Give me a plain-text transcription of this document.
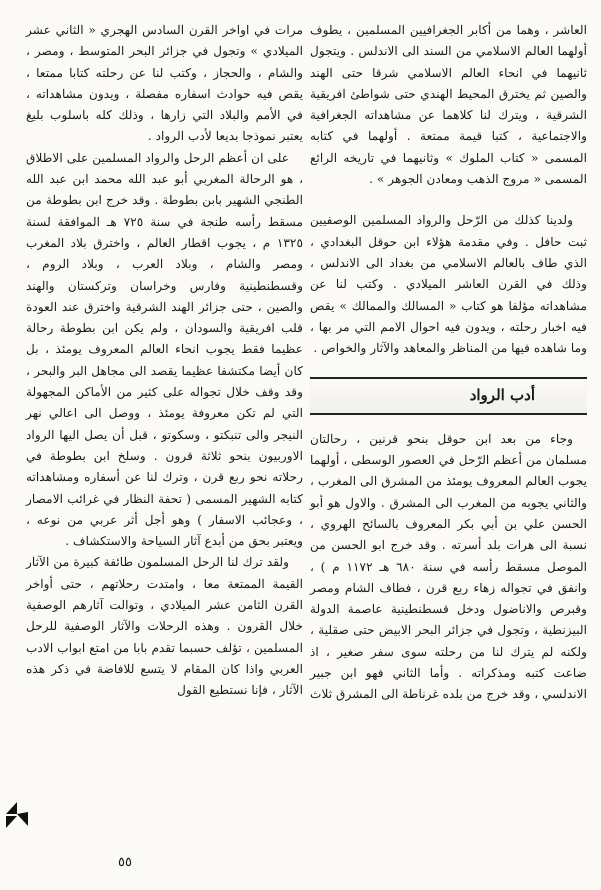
العاشر ، وهما من أكابر الجغرافيين المسلمين ، يطوف أولهما العالم الاسلامي من السند الى الاندلس . ويتجول ثانيهما في انحاء العالم الاسلامي شرقا حتى الهند والصين ثم يخترق المحيط الهندي حتى شواطئ افريقية الشرقية ، ويترك لنا كلاهما عن مشاهداته الجغرافية والاجتماعية ، كتبا قيمة ممتعة . أولهما في كتابه المسمى « كتاب الملوك » وثانيهما في تاريخه الرائع المسمى « مروج الذهب ومعادن الجوهر » .

ولدينا كذلك من الرّحل والرواد المسلمين الوصفيين ثبت حافل . وفي مقدمة هؤلاء ابن حوقل البغدادي ، الذي طاف بالعالم الاسلامي من بغداد الى الاندلس ، وذلك في القرن العاشر الميلادي . وكتب لنا عن مشاهداته مؤلفا هو كتاب « المسالك والممالك » يقص فيه اخبار رحلته ، ويدون فيه احوال الامم التي مر بها ، وما شاهده فيها من المناظر والمعاهد والآثار والخواص .

أدب الرواد

وجاء من بعد ابن حوقل بنحو قرنين ، رحالتان مسلمان من أعظم الرّحل في العصور الوسطى ، أولهما يجوب العالم المعروف يومئذ من المشرق الى المغرب ، والثاني يجوبه من المغرب الى المشرق . والاول هو أبو الحسن علي بن أبي بكر المعروف بالسائح الهروي ، نسبة الى هرات بلد أسرته . وقد خرج ابو الحسن من الموصل مسقط رأسه في سنة ٦٨٠ هـ ١١٧٢ م ) ، وانفق في تجواله زهاء ربع قرن ، فطاف الشام ومصر وقبرص والاناضول ودخل قسطنطينية عاصمة الدولة البيزنطية ، وتجول في جزائر البحر الابيض حتى صقلية ، ولكنه لم يترك لنا من رحلته سوى سفر صغير ، اذ ضاعت كتبه ومذكراته . وأما الثاني فهو ابن جبير الاندلسي ، وقد خرج من بلده غرناطة الى المشرق ثلاث

مرات في اواخر القرن السادس الهجري « الثاني عشر الميلادي » وتجول في جزائر البحر المتوسط ، ومصر ، والشام ، والحجاز ، وكتب لنا عن رحلته كتابا ممتعا ، يقص فيه حوادث اسفاره مفصلة ، ويدون مشاهداته ، في الأمم والبلاد التي زارها ، وذلك كله باسلوب بليغ يعتبر نموذجا بديعا لأدب الرواد .

على ان أعظم الرحل والرواد المسلمين على الاطلاق ، هو الرحالة المغربي أبو عبد الله محمد ابن عبد الله الطنجي الشهير بابن بطوطة . وقد خرج ابن بطوطة من مسقط رأسه طنجة في سنة ٧٢٥ هـ الموافقة لسنة ١٣٢٥ م ، يجوب اقطار العالم ، واخترق بلاد المغرب ومصر والشام ، وبلاد العرب ، وبلاد الروم ، وقسطنطينية وفارس وخراسان وتركستان والهند والصين ، حتى جزائر الهند الشرقية واخترق عند العودة قلب افريقية والسودان ، ولم يكن ابن بطوطة رحالة عظيما فقط يجوب انحاء العالم المعروف يومئذ ، بل كان أيضا مكتشفا عظيما يقصد الى مجاهل البر والبحر ، وقد وقف خلال تجواله على كثير من الأماكن المجهولة التي لم تكن معروفة يومئذ ، ووصل الى اعالي نهر النيجر والى تنبكتو ، وسكوتو ، قبل أن يصل اليها الرواد الاوربيون بنحو ثلاثة قرون . وسلخ ابن بطوطة في رحلاته نحو ربع قرن ، وترك لنا عن أسفاره ومشاهداته كتابه الشهير المسمى ( تحفة النظار في غرائب الامصار ، وعجائب الاسفار ) وهو أجل أثر عربي من نوعه ، ويعتبر بحق من أبدع آثار السياحة والاستكشاف .

ولقد ترك لنا الرحل المسلمون طائفة كبيرة من الآثار القيمة الممتعة معا ، وامتدت رحلاتهم ، حتى أواخر القرن الثامن عشر الميلادي ، وتوالت آثارهم الوصفية خلال القرون . وهذه الرحلات والآثار الوصفية للرحل المسلمين ، تؤلف حسبما تقدم بابا من امتع ابواب الادب العربي واذا كان المقام لا يتسع للافاضة في ذكر هذه الآثار ، فإنا نستطيع القول

٥٥
